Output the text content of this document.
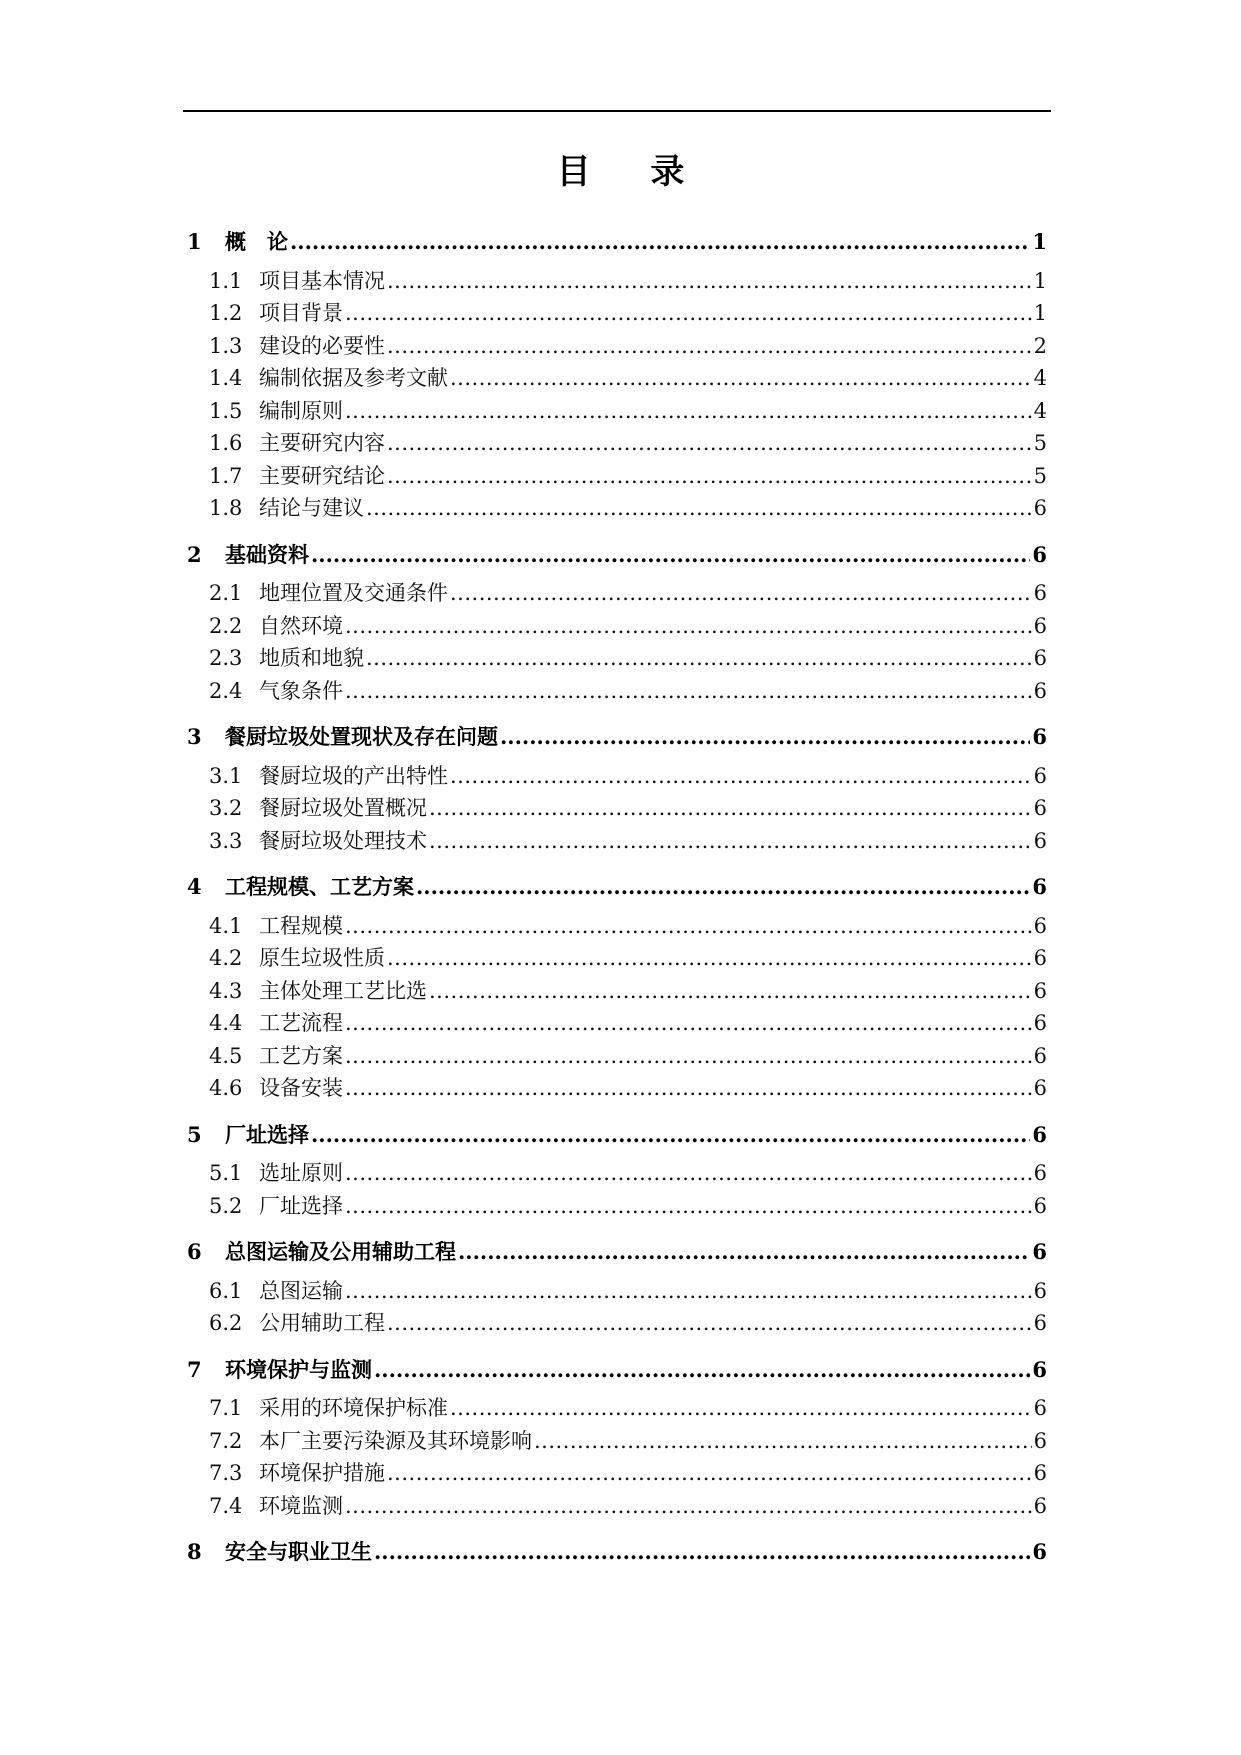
目 录
1	概　论 .....	1
1.1 项目基本情况 .....	1
1.2 项目背景 .....	1
1.3 建设的必要性 .....	2
1.4 编制依据及参考文献 .....	4
1.5 编制原则 .....	4
1.6 主要研究内容 .....	5
1.7 主要研究结论 .....	5
1.8 结论与建议 .....	6
2	基础资料 .....	6
2.1 地理位置及交通条件 .....	6
2.2 自然环境 .....	6
2.3 地质和地貌 .....	6
2.4 气象条件 .....	6
3	餐厨垃圾处置现状及存在问题 .....	6
3.1 餐厨垃圾的产出特性 .....	6
3.2 餐厨垃圾处置概况 .....	6
3.3 餐厨垃圾处理技术 .....	6
4	工程规模、工艺方案 .....	6
4.1 工程规模 .....	6
4.2 原生垃圾性质 .....	6
4.3 主体处理工艺比选 .....	6
4.4 工艺流程 .....	6
4.5 工艺方案 .....	6
4.6 设备安装 .....	6
5	厂址选择 .....	6
5.1 选址原则 .....	6
5.2 厂址选择 .....	6
6	总图运输及公用辅助工程 .....	6
6.1 总图运输 .....	6
6.2 公用辅助工程 .....	6
7	环境保护与监测 .....	6
7.1 采用的环境保护标准 .....	6
7.2 本厂主要污染源及其环境影响 .....	6
7.3 环境保护措施 .....	6
7.4 环境监测 .....	6
8	安全与职业卫生 .....	6
